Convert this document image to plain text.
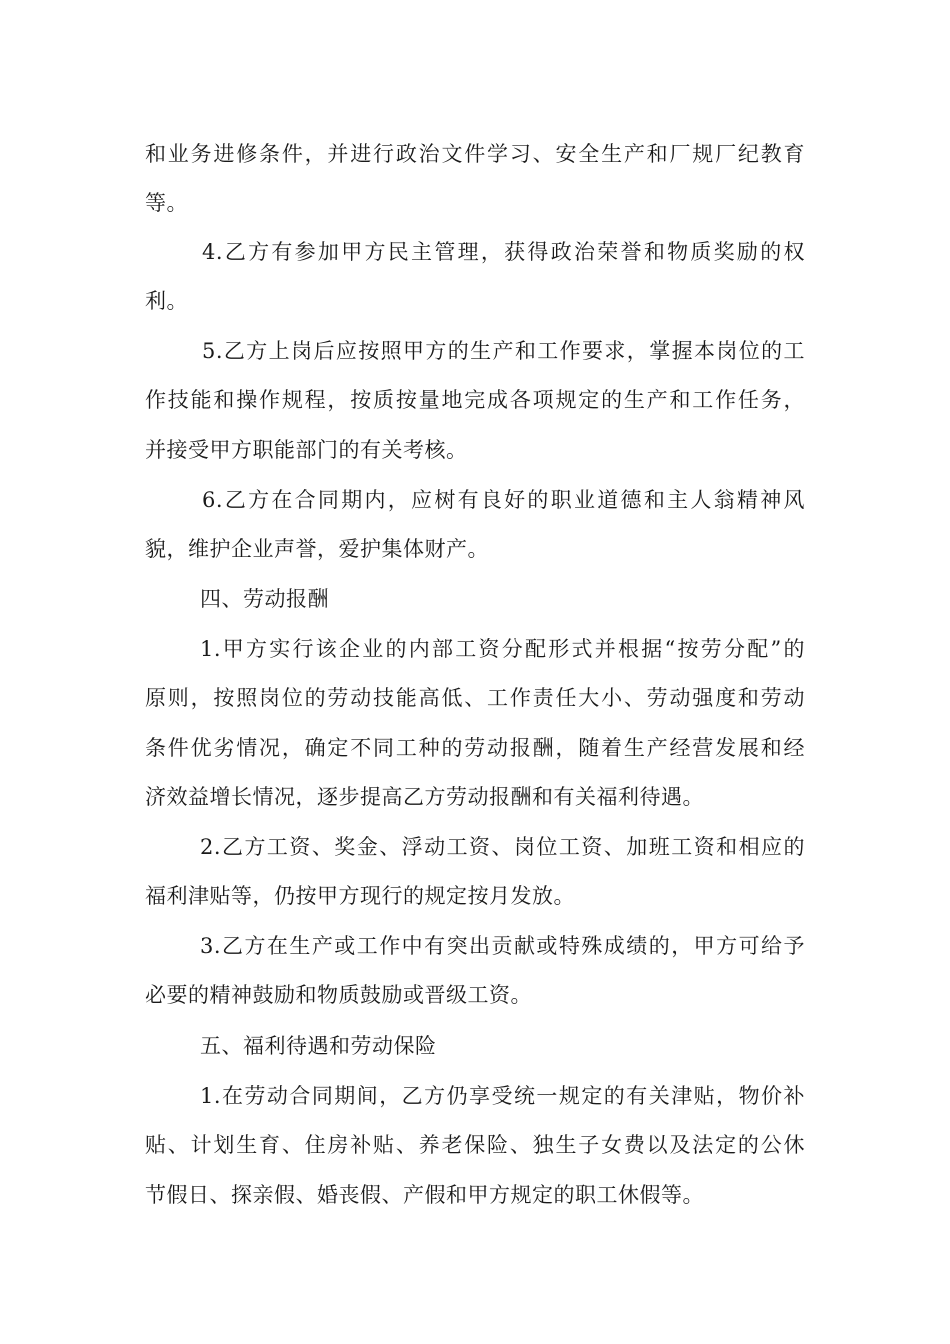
和业务进修条件，并进行政治文件学习、安全生产和厂规厂纪教育
等。
4.乙方有参加甲方民主管理，获得政治荣誉和物质奖励的权
利。
5.乙方上岗后应按照甲方的生产和工作要求，掌握本岗位的工
作技能和操作规程，按质按量地完成各项规定的生产和工作任务，
并接受甲方职能部门的有关考核。
6.乙方在合同期内，应树有良好的职业道德和主人翁精神风
貌，维护企业声誉，爱护集体财产。
四、劳动报酬
1.甲方实行该企业的内部工资分配形式并根据“按劳分配”的
原则，按照岗位的劳动技能高低、工作责任大小、劳动强度和劳动
条件优劣情况，确定不同工种的劳动报酬，随着生产经营发展和经
济效益增长情况，逐步提高乙方劳动报酬和有关福利待遇。
2.乙方工资、奖金、浮动工资、岗位工资、加班工资和相应的
福利津贴等，仍按甲方现行的规定按月发放。
3.乙方在生产或工作中有突出贡献或特殊成绩的，甲方可给予
必要的精神鼓励和物质鼓励或晋级工资。
五、福利待遇和劳动保险
1.在劳动合同期间，乙方仍享受统一规定的有关津贴，物价补
贴、计划生育、住房补贴、养老保险、独生子女费以及法定的公休
节假日、探亲假、婚丧假、产假和甲方规定的职工休假等。
